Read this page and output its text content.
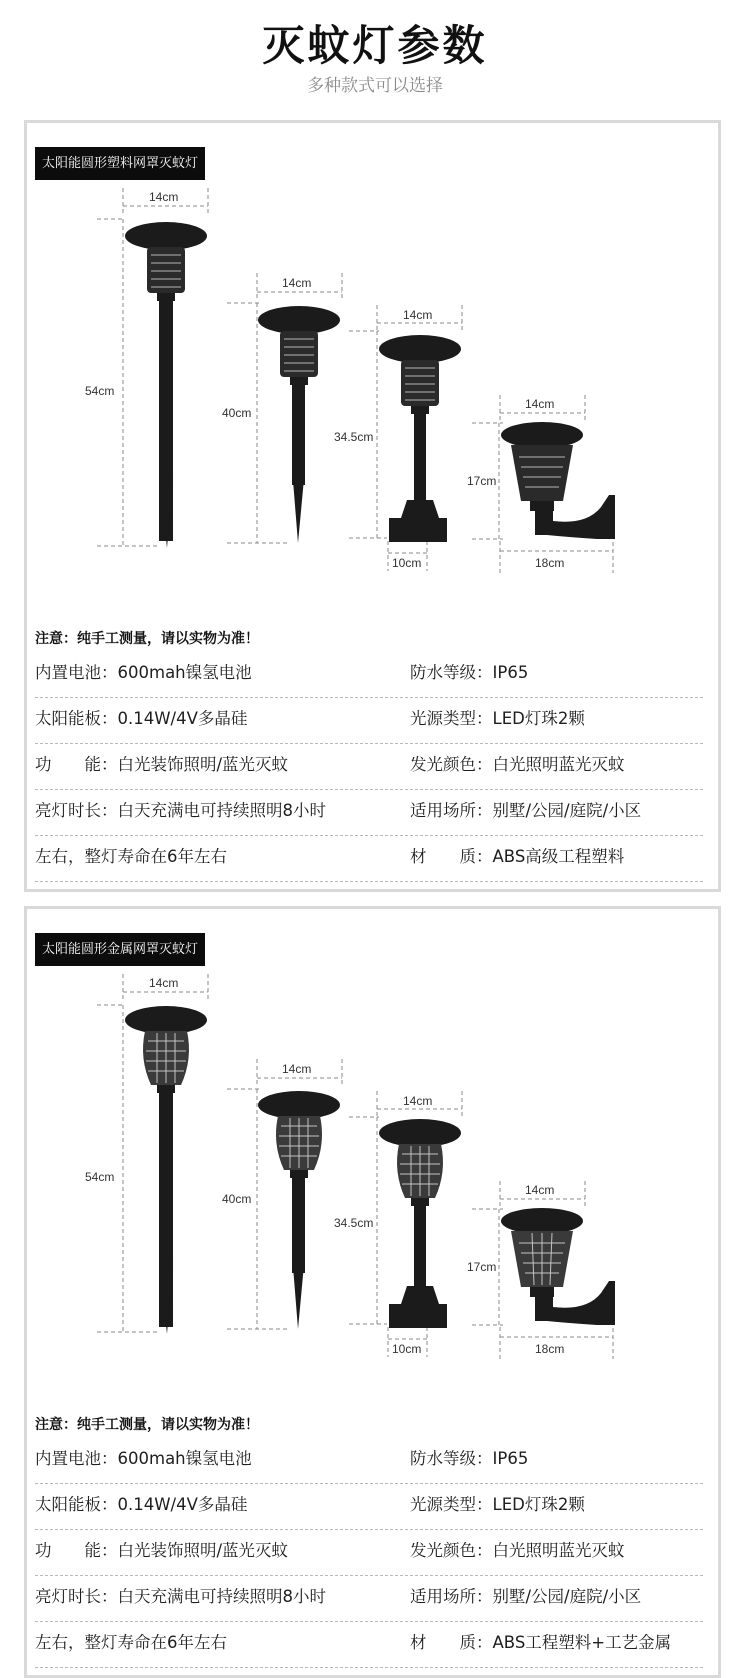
灭蚊灯参数
多种款式可以选择
太阳能圆形塑料网罩灭蚊灯
14cm
54cm
14cm
40cm
14cm
34.5cm
10cm
14cm
17cm
18cm
注意：纯手工测量，请以实物为准！
内置电池：600mah镍氢电池	防水等级：IP65
太阳能板：0.14W/4V多晶硅	光源类型：LED灯珠2颗
功　　能：白光装饰照明/蓝光灭蚊	发光颜色：白光照明蓝光灭蚊
亮灯时长：白天充满电可持续照明8小时	适用场所：别墅/公园/庭院/小区
左右，整灯寿命在6年左右	材　　质：ABS高级工程塑料
太阳能圆形金属网罩灭蚊灯
14cm
54cm
14cm
40cm
14cm
34.5cm
10cm
14cm
17cm
18cm
注意：纯手工测量，请以实物为准！
内置电池：600mah镍氢电池	防水等级：IP65
太阳能板：0.14W/4V多晶硅	光源类型：LED灯珠2颗
功　　能：白光装饰照明/蓝光灭蚊	发光颜色：白光照明蓝光灭蚊
亮灯时长：白天充满电可持续照明8小时	适用场所：别墅/公园/庭院/小区
左右，整灯寿命在6年左右	材　　质：ABS工程塑料+工艺金属
